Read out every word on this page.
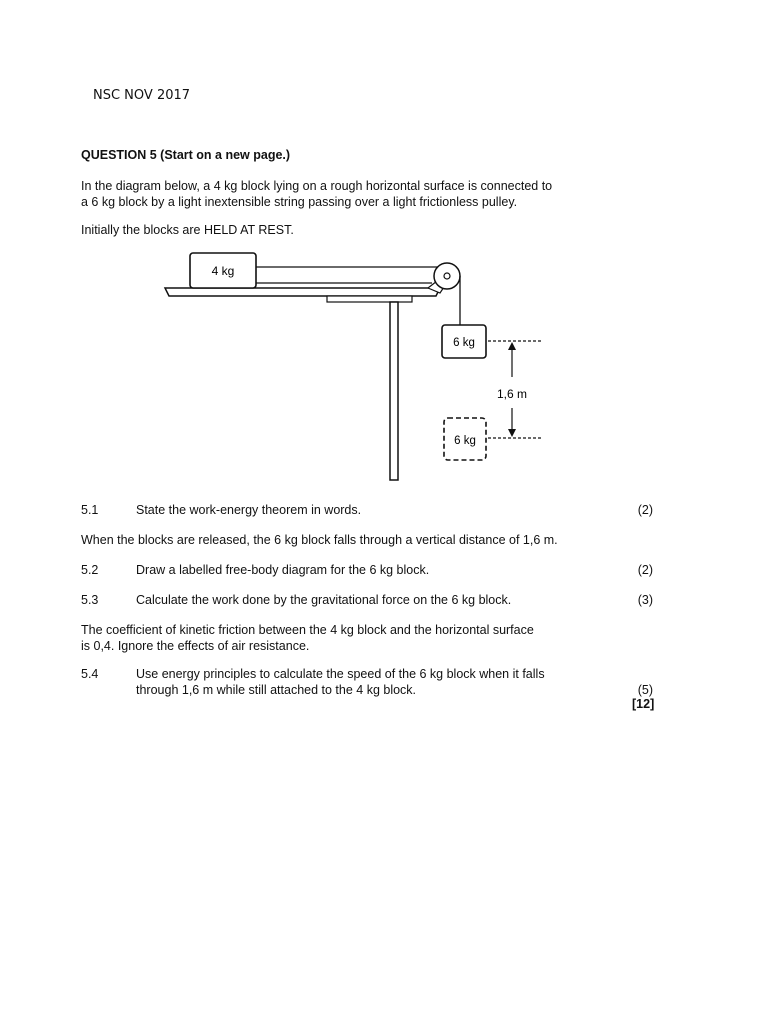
NSC NOV 2017
QUESTION 5 (Start on a new page.)
In the diagram below, a 4 kg block lying on a rough horizontal surface is connected to
a 6 kg block by a light inextensible string passing over a light frictionless pulley.
Initially the blocks are HELD AT REST.
4 kg
6 kg
1,6 m
6 kg
5.1	State the work-energy theorem in words.	(2)
When the blocks are released, the 6 kg block falls through a vertical distance of 1,6 m.
5.2	Draw a labelled free-body diagram for the 6 kg block.	(2)
5.3	Calculate the work done by the gravitational force on the 6 kg block.	(3)
The coefficient of kinetic friction between the 4 kg block and the horizontal surface
is 0,4. Ignore the effects of air resistance.
5.4	Use energy principles to calculate the speed of the 6 kg block when it falls
through 1,6 m while still attached to the 4 kg block.	(5)
[12]
